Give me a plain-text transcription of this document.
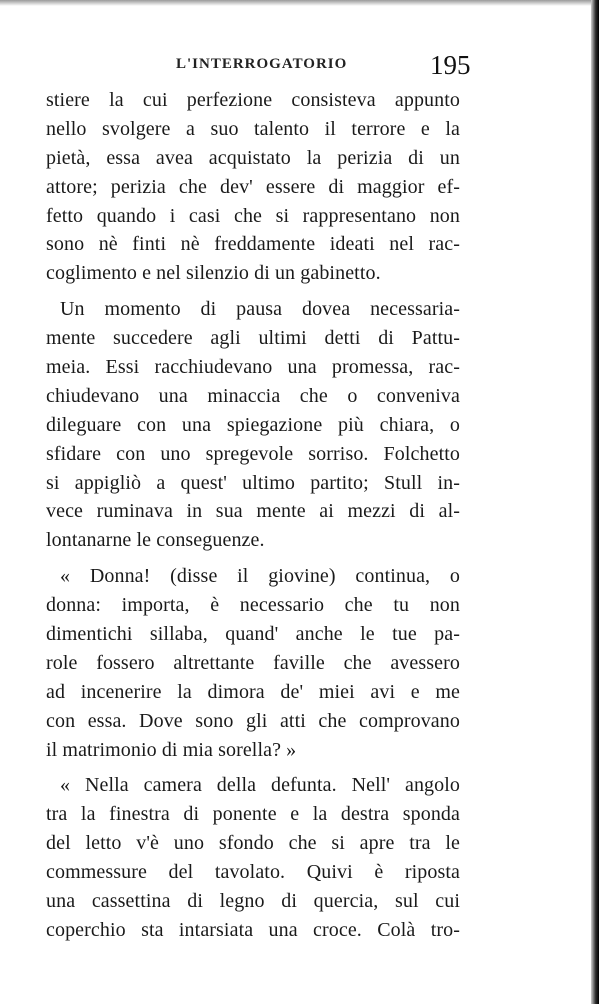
L'INTERROGATORIO	195
stiere la cui perfezione consisteva appunto
nello svolgere a suo talento il terrore e la
pietà, essa avea acquistato la perizia di un
attore; perizia che dev' essere di maggior ef-
fetto quando i casi che si rappresentano non
sono nè finti nè freddamente ideati nel rac-
coglimento e nel silenzio di un gabinetto.
Un momento di pausa dovea necessaria-
mente succedere agli ultimi detti di Pattu-
meia. Essi racchiudevano una promessa, rac-
chiudevano una minaccia che o conveniva
dileguare con una spiegazione più chiara, o
sfidare con uno spregevole sorriso. Folchetto
si appigliò a quest' ultimo partito; Stull in-
vece ruminava in sua mente ai mezzi di al-
lontanarne le conseguenze.
« Donna! (disse il giovine) continua, o
donna: importa, è necessario che tu non
dimentichi sillaba, quand' anche le tue pa-
role fossero altrettante faville che avessero
ad incenerire la dimora de' miei avi e me
con essa. Dove sono gli atti che comprovano
il matrimonio di mia sorella? »
« Nella camera della defunta. Nell' angolo
tra la finestra di ponente e la destra sponda
del letto v'è uno sfondo che si apre tra le
commessure del tavolato. Quivi è riposta
una cassettina di legno di quercia, sul cui
coperchio sta intarsiata una croce. Colà tro-
